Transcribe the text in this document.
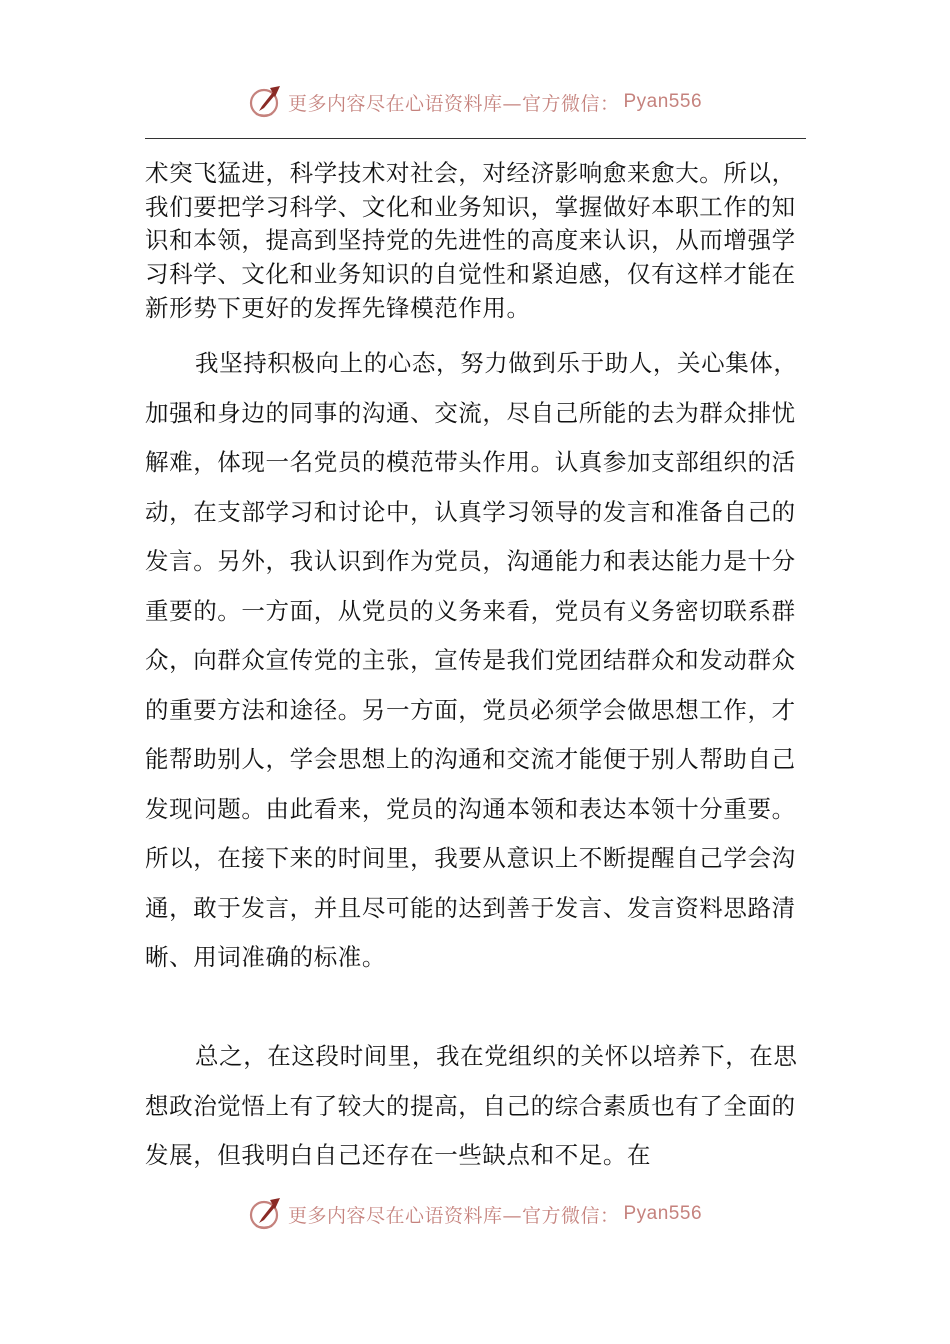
更多内容尽在心语资料库—官方微信： Pyan556

术突飞猛进，科学技术对社会，对经济影响愈来愈大。所以，我们要把学习科学、文化和业务知识，掌握做好本职工作的知识和本领，提高到坚持党的先进性的高度来认识，从而增强学习科学、文化和业务知识的自觉性和紧迫感，仅有这样才能在新形势下更好的发挥先锋模范作用。

我坚持积极向上的心态，努力做到乐于助人，关心集体，加强和身边的同事的沟通、交流，尽自己所能的去为群众排忧解难，体现一名党员的模范带头作用。认真参加支部组织的活动，在支部学习和讨论中，认真学习领导的发言和准备自己的发言。另外，我认识到作为党员，沟通能力和表达能力是十分重要的。一方面，从党员的义务来看，党员有义务密切联系群众，向群众宣传党的主张，宣传是我们党团结群众和发动群众的重要方法和途径。另一方面，党员必须学会做思想工作，才能帮助别人，学会思想上的沟通和交流才能便于别人帮助自己发现问题。由此看来，党员的沟通本领和表达本领十分重要。所以，在接下来的时间里，我要从意识上不断提醒自己学会沟通，敢于发言，并且尽可能的达到善于发言、发言资料思路清晰、用词准确的标准。

总之，在这段时间里，我在党组织的关怀以培养下，在思想政治觉悟上有了较大的提高，自己的综合素质也有了全面的发展，但我明白自己还存在一些缺点和不足。在

更多内容尽在心语资料库—官方微信： Pyan556
